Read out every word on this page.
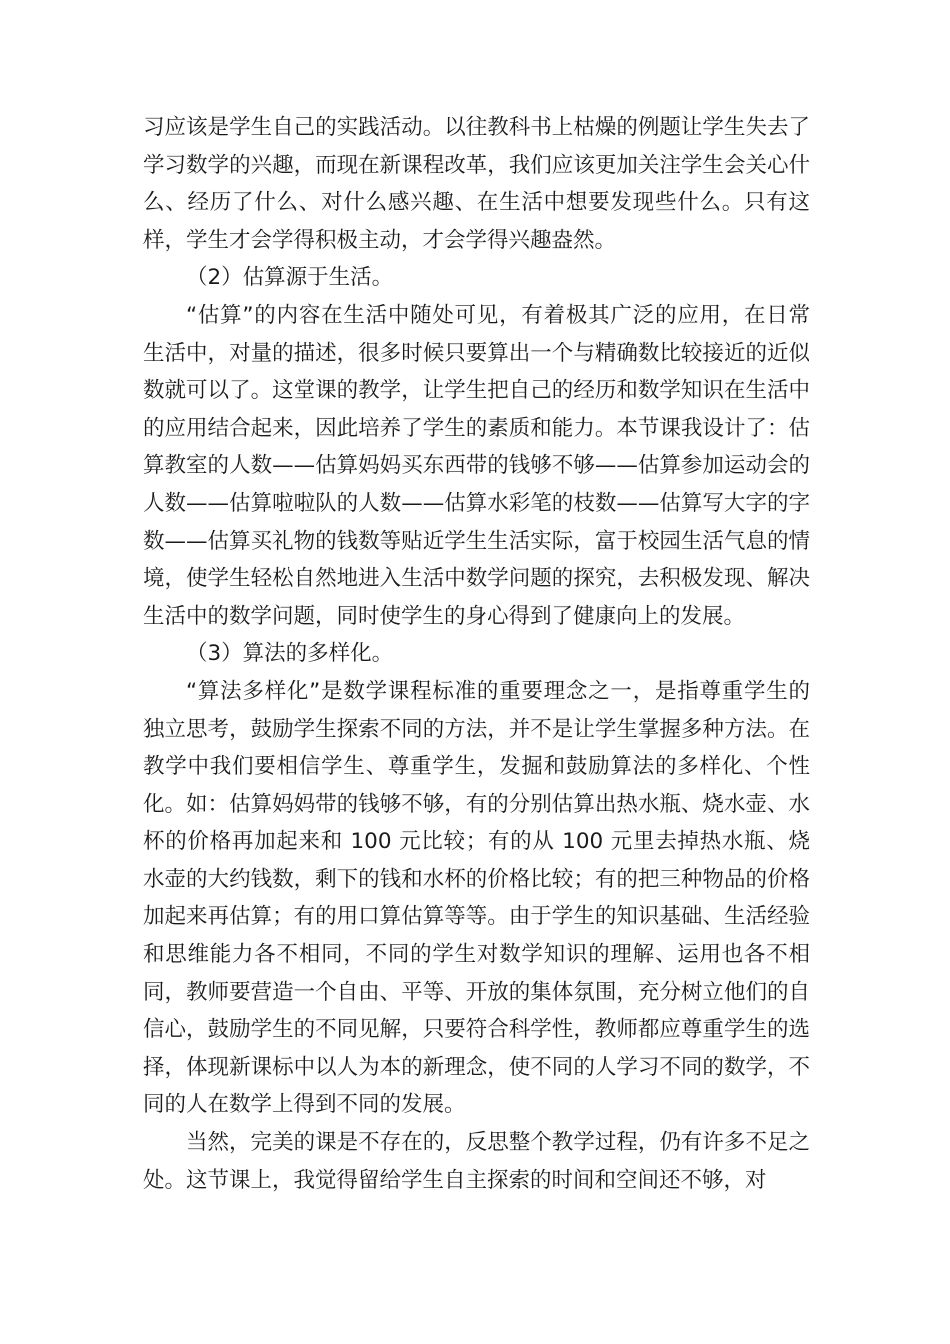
习应该是学生自己的实践活动。以往教科书上枯燥的例题让学生失去了学习数学的兴趣，而现在新课程改革，我们应该更加关注学生会关心什么、经历了什么、对什么感兴趣、在生活中想要发现些什么。只有这样，学生才会学得积极主动，才会学得兴趣盎然。

（2）估算源于生活。

“估算”的内容在生活中随处可见，有着极其广泛的应用，在日常生活中，对量的描述，很多时候只要算出一个与精确数比较接近的近似数就可以了。这堂课的教学，让学生把自己的经历和数学知识在生活中的应用结合起来，因此培养了学生的素质和能力。本节课我设计了：估算教室的人数——估算妈妈买东西带的钱够不够——估算参加运动会的人数——估算啦啦队的人数——估算水彩笔的枝数——估算写大字的字数——估算买礼物的钱数等贴近学生生活实际，富于校园生活气息的情境，使学生轻松自然地进入生活中数学问题的探究，去积极发现、解决生活中的数学问题，同时使学生的身心得到了健康向上的发展。

（3）算法的多样化。

“算法多样化”是数学课程标准的重要理念之一，是指尊重学生的独立思考，鼓励学生探索不同的方法，并不是让学生掌握多种方法。在教学中我们要相信学生、尊重学生，发掘和鼓励算法的多样化、个性化。如：估算妈妈带的钱够不够，有的分别估算出热水瓶、烧水壶、水杯的价格再加起来和 100 元比较；有的从 100 元里去掉热水瓶、烧水壶的大约钱数，剩下的钱和水杯的价格比较；有的把三种物品的价格加起来再估算；有的用口算估算等等。由于学生的知识基础、生活经验和思维能力各不相同，不同的学生对数学知识的理解、运用也各不相同，教师要营造一个自由、平等、开放的集体氛围，充分树立他们的自信心，鼓励学生的不同见解，只要符合科学性，教师都应尊重学生的选择，体现新课标中以人为本的新理念，使不同的人学习不同的数学，不同的人在数学上得到不同的发展。

当然，完美的课是不存在的，反思整个教学过程，仍有许多不足之处。这节课上，我觉得留给学生自主探索的时间和空间还不够，对
